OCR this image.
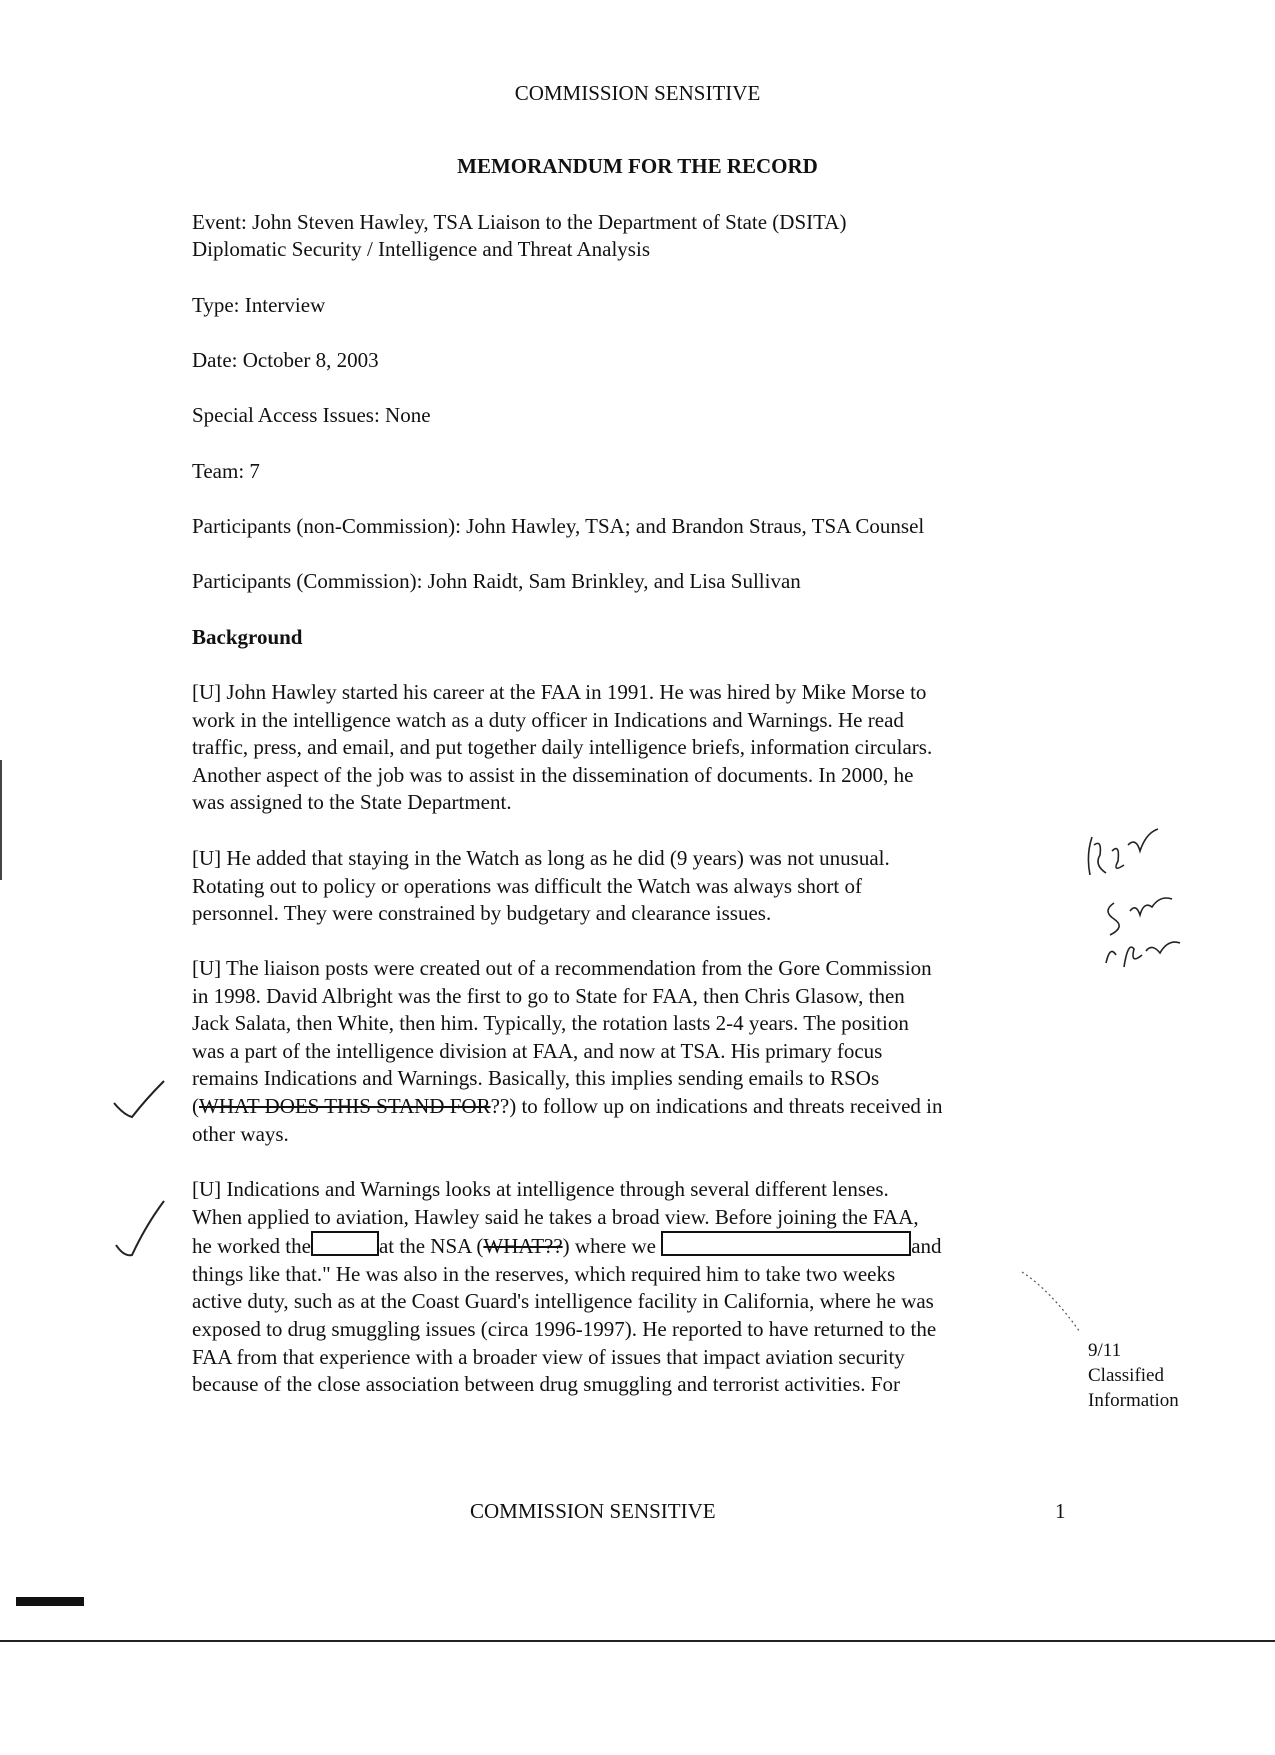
COMMISSION SENSITIVE

MEMORANDUM FOR THE RECORD

Event: John Steven Hawley, TSA Liaison to the Department of State (DSITA)

Diplomatic Security / Intelligence and Threat Analysis

Type: Interview

Date: October 8, 2003

Special Access Issues: None

Team: 7

Participants (non-Commission): John Hawley, TSA; and Brandon Straus, TSA Counsel

Participants (Commission): John Raidt, Sam Brinkley, and Lisa Sullivan

Background

[U] John Hawley started his career at the FAA in 1991. He was hired by Mike Morse to
work in the intelligence watch as a duty officer in Indications and Warnings. He read
traffic, press, and email, and put together daily intelligence briefs, information circulars.
Another aspect of the job was to assist in the dissemination of documents. In 2000, he
was assigned to the State Department.
[U] He added that staying in the Watch as long as he did (9 years) was not unusual.
Rotating out to policy or operations was difficult the Watch was always short of
personnel. They were constrained by budgetary and clearance issues.
[U] The liaison posts were created out of a recommendation from the Gore Commission
in 1998. David Albright was the first to go to State for FAA, then Chris Glasow, then
Jack Salata, then White, then him. Typically, the rotation lasts 2-4 years. The position
was a part of the intelligence division at FAA, and now at TSA. His primary focus
remains Indications and Warnings. Basically, this implies sending emails to RSOs
(WHAT DOES THIS STAND FOR??) to follow up on indications and threats received in
other ways.
[U] Indications and Warnings looks at intelligence through several different lenses.
When applied to aviation, Hawley said he takes a broad view. Before joining the FAA,
he worked the	at the NSA (WHAT??) where we	and
things like that." He was also in the reserves, which required him to take two weeks
active duty, such as at the Coast Guard's intelligence facility in California, where he was
exposed to drug smuggling issues (circa 1996-1997). He reported to have returned to the
FAA from that experience with a broader view of issues that impact aviation security
because of the close association between drug smuggling and terrorist activities. For
9/11
Classified
Information

COMMISSION SENSITIVE	1
